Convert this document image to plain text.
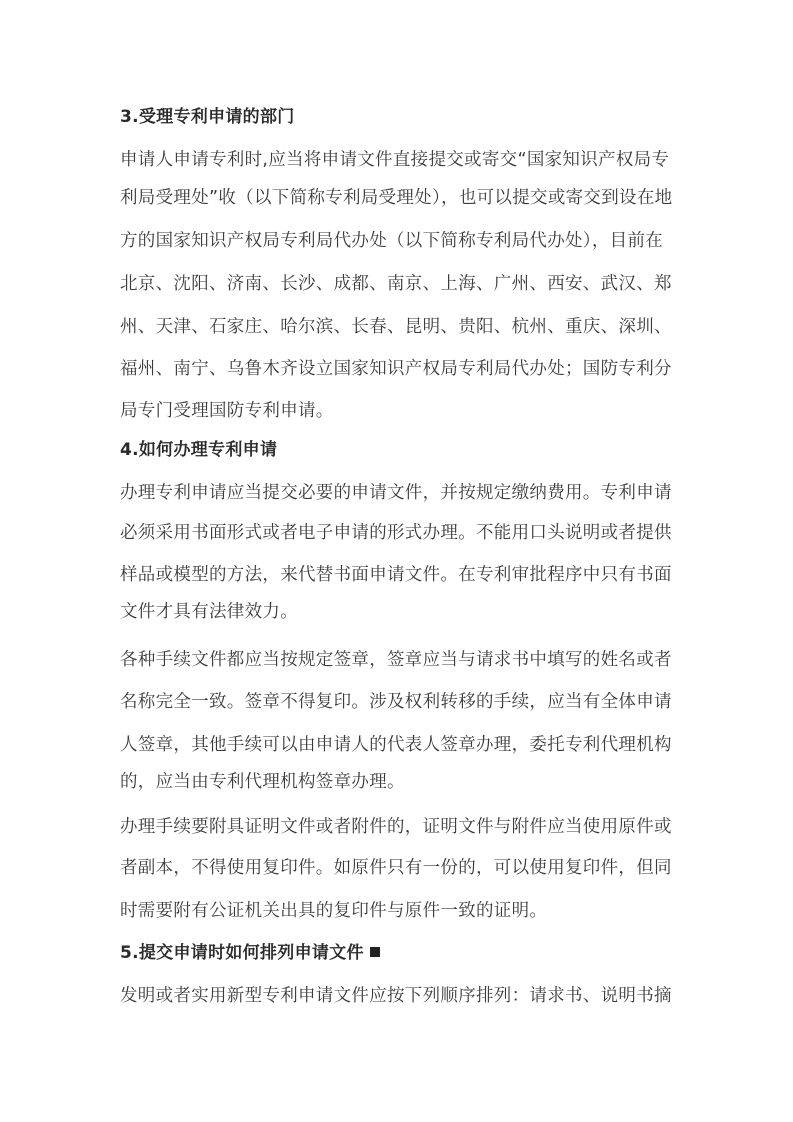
3.受理专利申请的部门
申请人申请专利时,应当将申请文件直接提交或寄交“国家知识产权局专
利局受理处”收（以下简称专利局受理处），也可以提交或寄交到设在地
方的国家知识产权局专利局代办处（以下简称专利局代办处），目前在
北京、沈阳、济南、长沙、成都、南京、上海、广州、西安、武汉、郑
州、天津、石家庄、哈尔滨、长春、昆明、贵阳、杭州、重庆、深圳、
福州、南宁、乌鲁木齐设立国家知识产权局专利局代办处；国防专利分
局专门受理国防专利申请。
4.如何办理专利申请
办理专利申请应当提交必要的申请文件，并按规定缴纳费用。专利申请
必须采用书面形式或者电子申请的形式办理。不能用口头说明或者提供
样品或模型的方法，来代替书面申请文件。在专利审批程序中只有书面
文件才具有法律效力。
各种手续文件都应当按规定签章，签章应当与请求书中填写的姓名或者
名称完全一致。签章不得复印。涉及权利转移的手续，应当有全体申请
人签章，其他手续可以由申请人的代表人签章办理，委托专利代理机构
的，应当由专利代理机构签章办理。
办理手续要附具证明文件或者附件的，证明文件与附件应当使用原件或
者副本，不得使用复印件。如原件只有一份的，可以使用复印件，但同
时需要附有公证机关出具的复印件与原件一致的证明。
5.提交申请时如何排列申请文件
发明或者实用新型专利申请文件应按下列顺序排列：请求书、说明书摘
